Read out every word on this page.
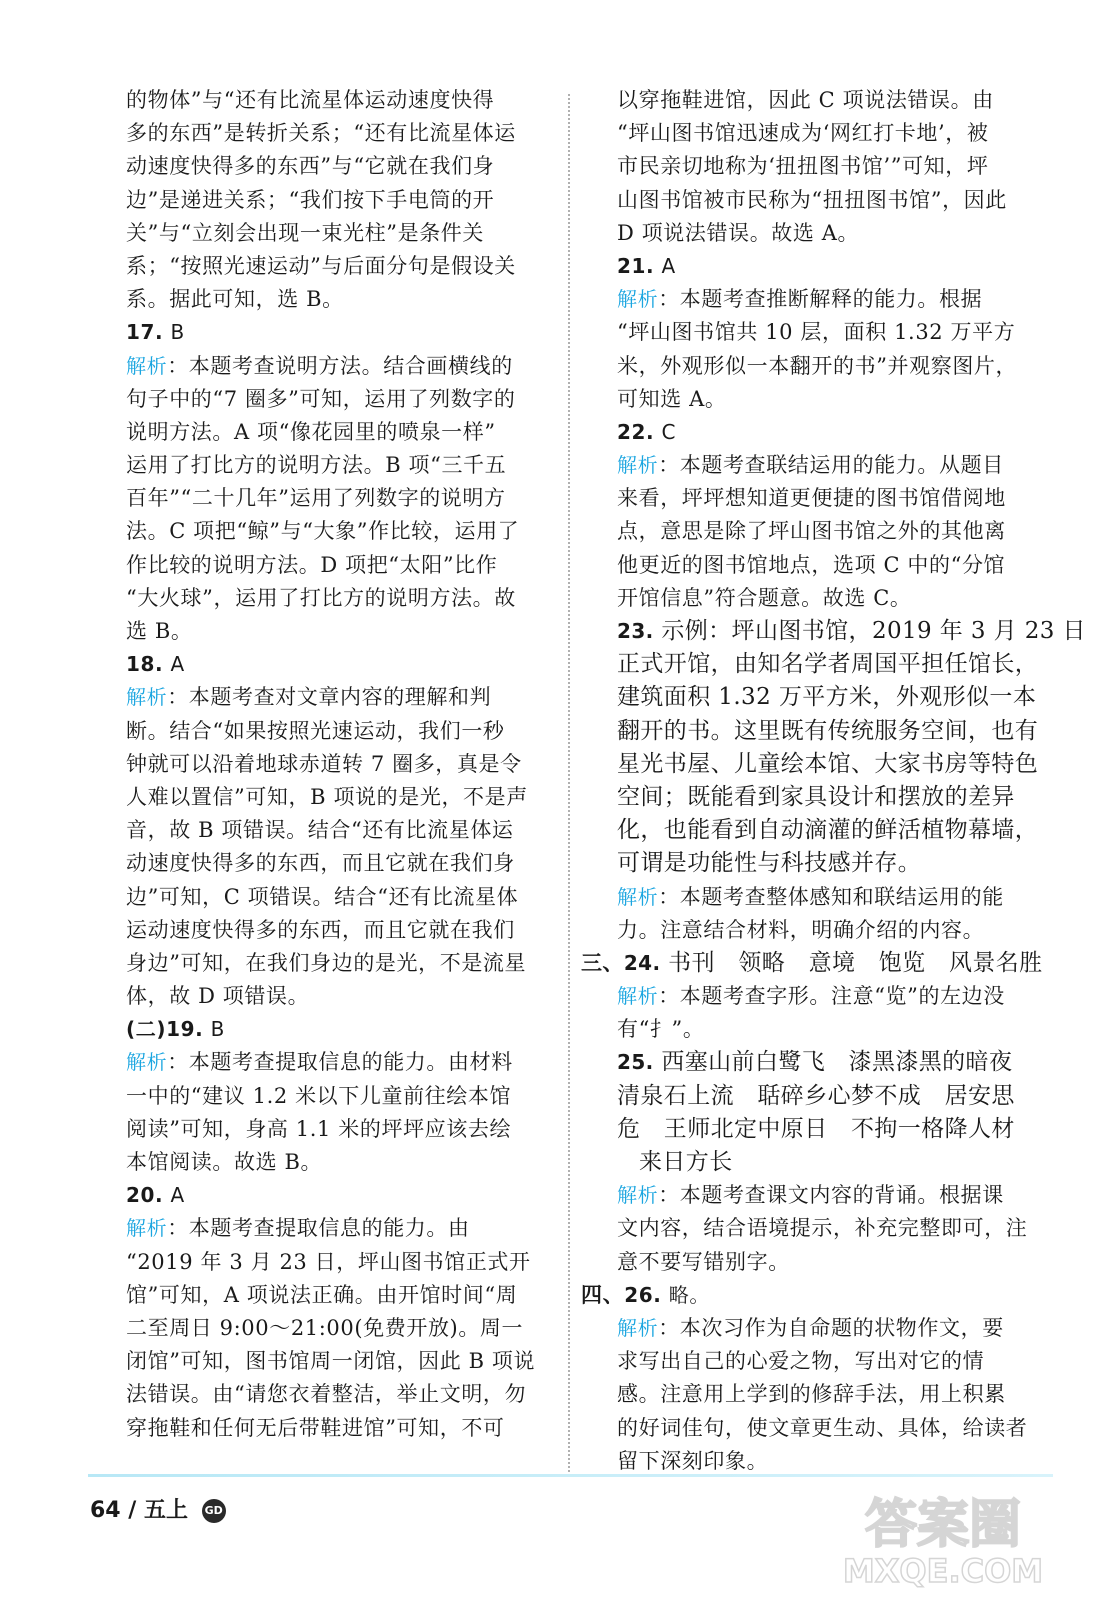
的物体”与“还有比流星体运动速度快得
多的东西”是转折关系；“还有比流星体运
动速度快得多的东西”与“它就在我们身
边”是递进关系；“我们按下手电筒的开
关”与“立刻会出现一束光柱”是条件关
系；“按照光速运动”与后面分句是假设关
系。据此可知，选 B。
17. B
解析：本题考查说明方法。结合画横线的
句子中的“7 圈多”可知，运用了列数字的
说明方法。A 项“像花园里的喷泉一样”
运用了打比方的说明方法。B 项“三千五
百年”“二十几年”运用了列数字的说明方
法。C 项把“鲸”与“大象”作比较，运用了
作比较的说明方法。D 项把“太阳”比作
“大火球”，运用了打比方的说明方法。故
选 B。
18. A
解析：本题考查对文章内容的理解和判
断。结合“如果按照光速运动，我们一秒
钟就可以沿着地球赤道转 7 圈多，真是令
人难以置信”可知，B 项说的是光，不是声
音，故 B 项错误。结合“还有比流星体运
动速度快得多的东西，而且它就在我们身
边”可知，C 项错误。结合“还有比流星体
运动速度快得多的东西，而且它就在我们
身边”可知，在我们身边的是光，不是流星
体，故 D 项错误。
(二)19. B
解析：本题考查提取信息的能力。由材料
一中的“建议 1.2 米以下儿童前往绘本馆
阅读”可知，身高 1.1 米的坪坪应该去绘
本馆阅读。故选 B。
20. A
解析：本题考查提取信息的能力。由
“2019 年 3 月 23 日，坪山图书馆正式开
馆”可知，A 项说法正确。由开馆时间“周
二至周日 9:00～21:00(免费开放)。周一
闭馆”可知，图书馆周一闭馆，因此 B 项说
法错误。由“请您衣着整洁，举止文明，勿
穿拖鞋和任何无后带鞋进馆”可知，不可
以穿拖鞋进馆，因此 C 项说法错误。由
“坪山图书馆迅速成为‘网红打卡地’，被
市民亲切地称为‘扭扭图书馆’”可知，坪
山图书馆被市民称为“扭扭图书馆”，因此
D 项说法错误。故选 A。
21. A
解析：本题考查推断解释的能力。根据
“坪山图书馆共 10 层，面积 1.32 万平方
米，外观形似一本翻开的书”并观察图片，
可知选 A。
22. C
解析：本题考查联结运用的能力。从题目
来看，坪坪想知道更便捷的图书馆借阅地
点，意思是除了坪山图书馆之外的其他离
他更近的图书馆地点，选项 C 中的“分馆
开馆信息”符合题意。故选 C。
23. 示例：坪山图书馆，2019 年 3 月 23 日
正式开馆，由知名学者周国平担任馆长，
建筑面积 1.32 万平方米，外观形似一本
翻开的书。这里既有传统服务空间，也有
星光书屋、儿童绘本馆、大家书房等特色
空间；既能看到家具设计和摆放的差异
化，也能看到自动滴灌的鲜活植物幕墙，
可谓是功能性与科技感并存。
解析：本题考查整体感知和联结运用的能
力。注意结合材料，明确介绍的内容。
三、24. 书刊　领略　意境　饱览　风景名胜
解析：本题考查字形。注意“览”的左边没
有“扌”。
25. 西塞山前白鹭飞　漆黑漆黑的暗夜
清泉石上流　聒碎乡心梦不成　居安思
危　王师北定中原日　不拘一格降人材
来日方长
解析：本题考查课文内容的背诵。根据课
文内容，结合语境提示，补充完整即可，注
意不要写错别字。
四、26. 略。
解析：本次习作为自命题的状物作文，要
求写出自己的心爱之物，写出对它的情
感。注意用上学到的修辞手法，用上积累
的好词佳句，使文章更生动、具体，给读者
留下深刻印象。
64 / 五上 GD	答案圈
MXQE.COM
